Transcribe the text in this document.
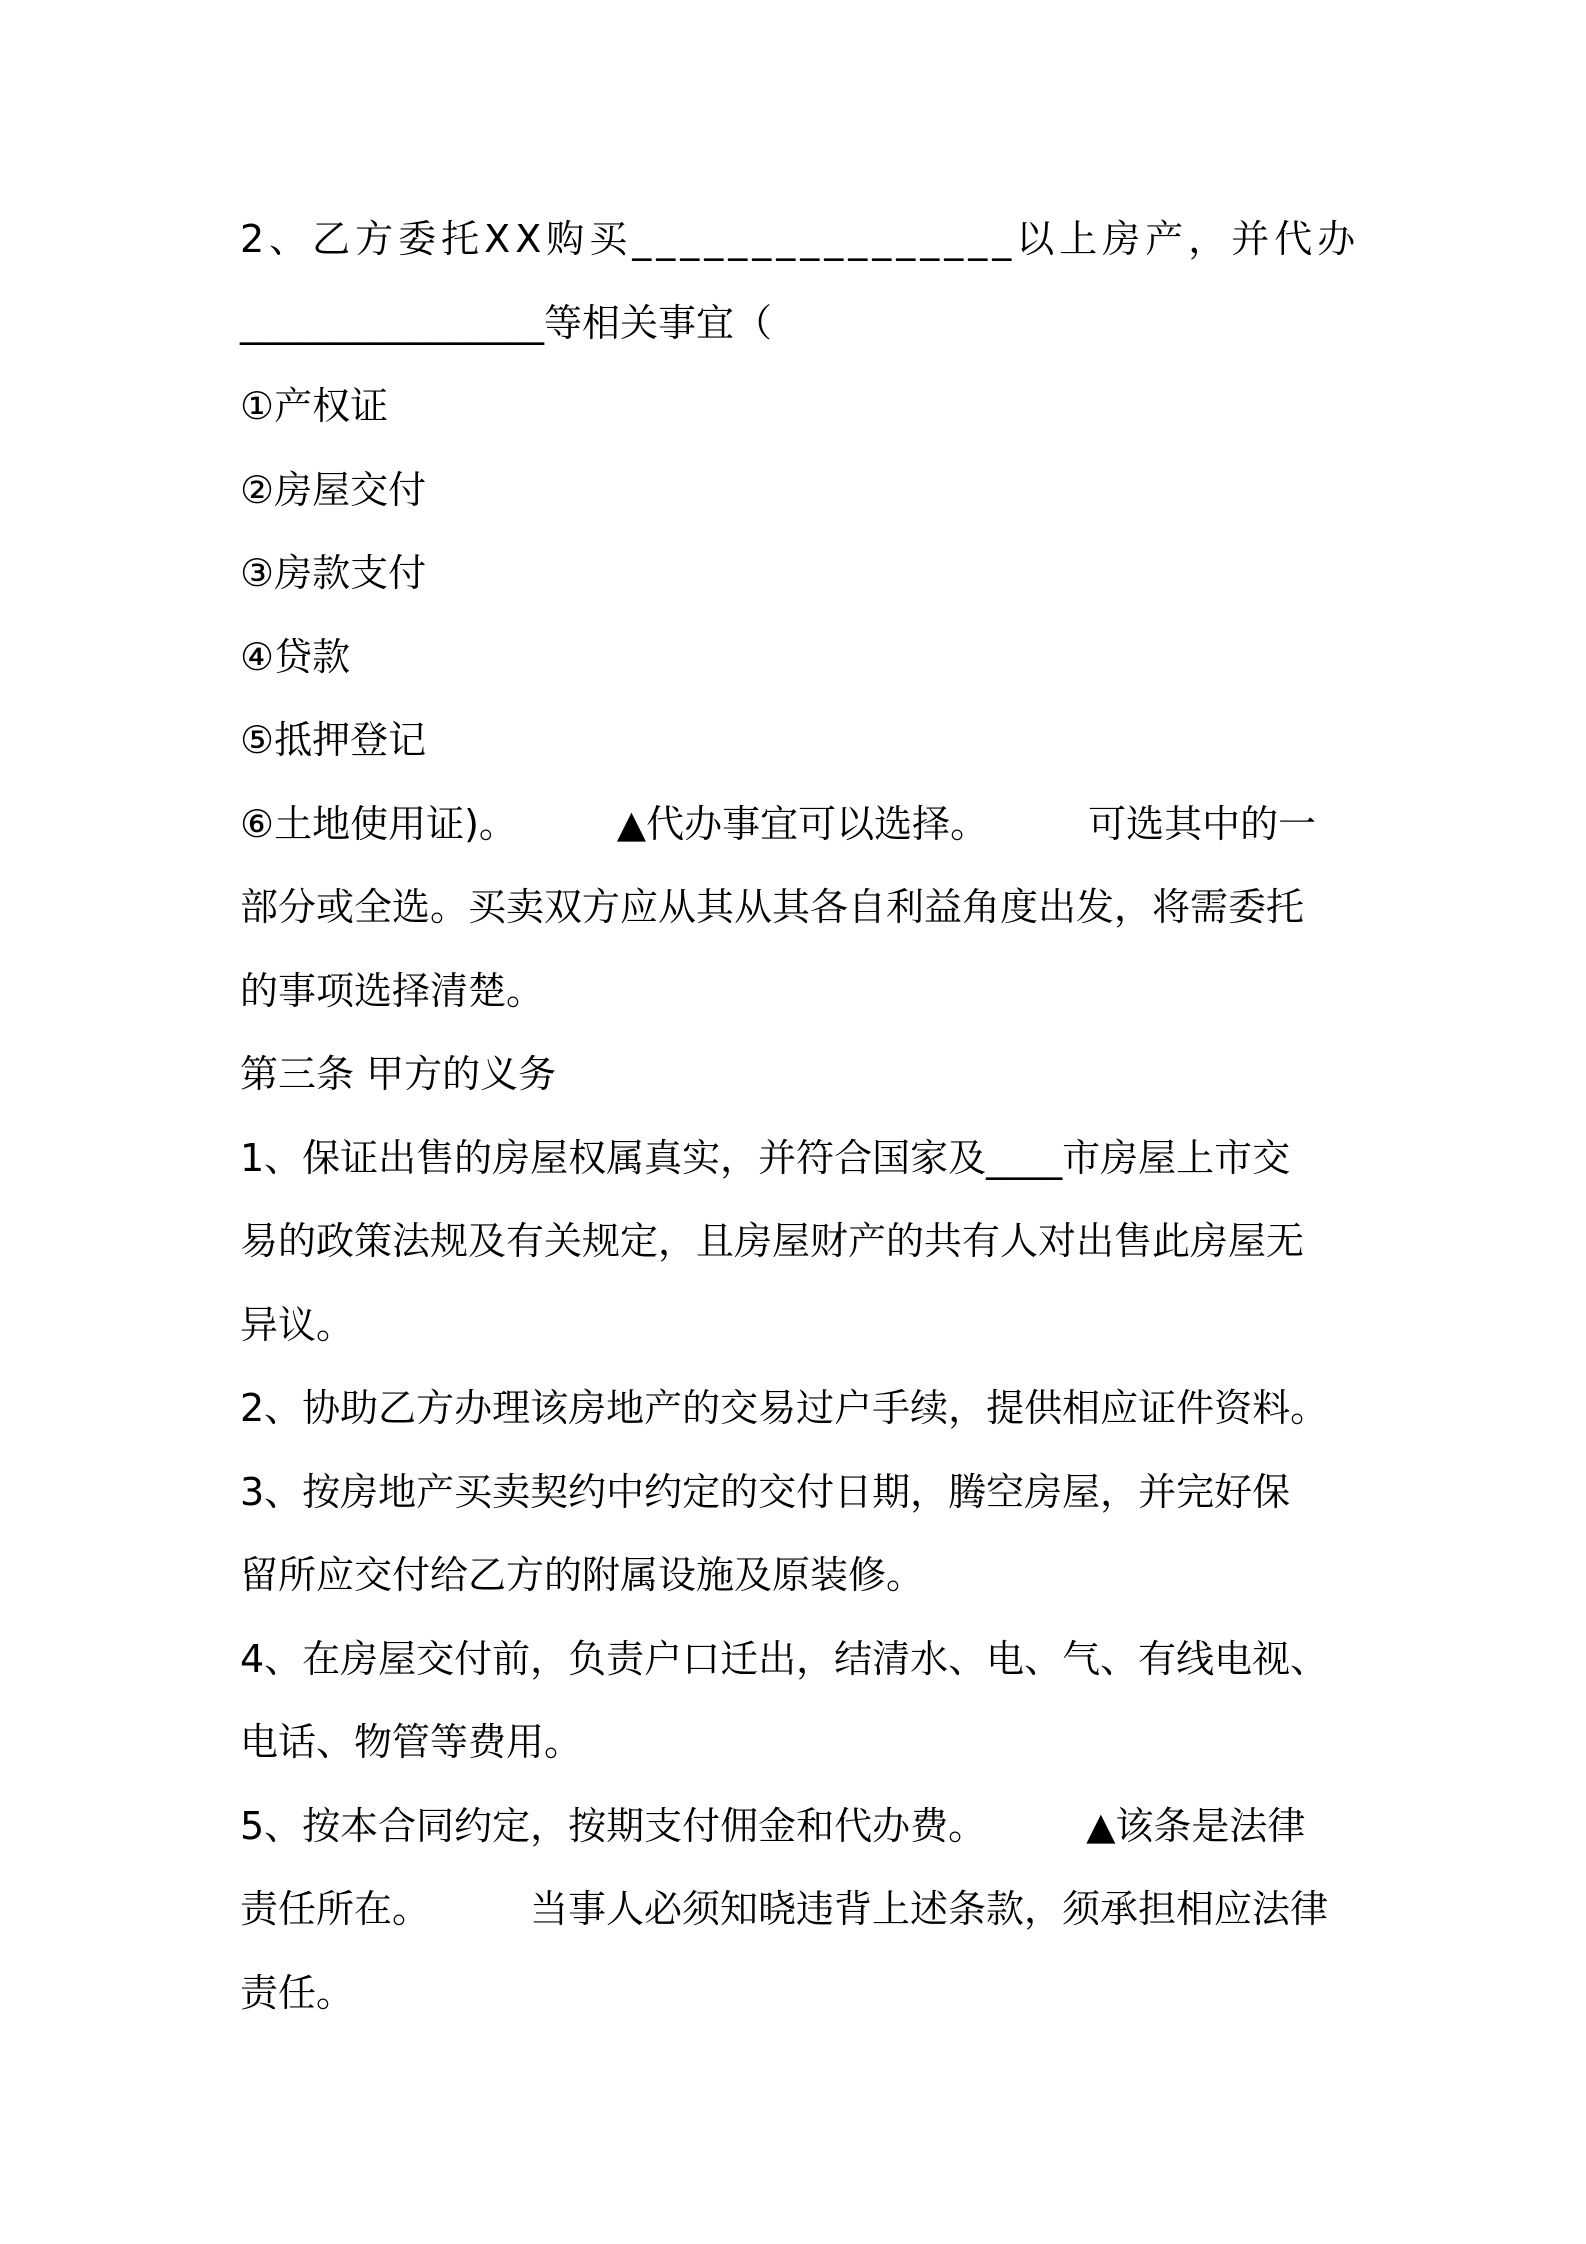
2、乙方委托XX购买________________以上房产，并代办
________________等相关事宜（
①产权证
②房屋交付
③房款支付
④贷款
⑤抵押登记
⑥土地使用证)。	▲代办事宜可以选择。	可选其中的一
部分或全选。买卖双方应从其从其各自利益角度出发，将需委托
的事项选择清楚。
第三条 甲方的义务
1、保证出售的房屋权属真实，并符合国家及____市房屋上市交
易的政策法规及有关规定，且房屋财产的共有人对出售此房屋无
异议。
2、协助乙方办理该房地产的交易过户手续，提供相应证件资料。
3、按房地产买卖契约中约定的交付日期，腾空房屋，并完好保
留所应交付给乙方的附属设施及原装修。
4、在房屋交付前，负责户口迁出，结清水、电、气、有线电视、
电话、物管等费用。
5、按本合同约定，按期支付佣金和代办费。	▲该条是法律
责任所在。	当事人必须知晓违背上述条款，须承担相应法律
责任。
